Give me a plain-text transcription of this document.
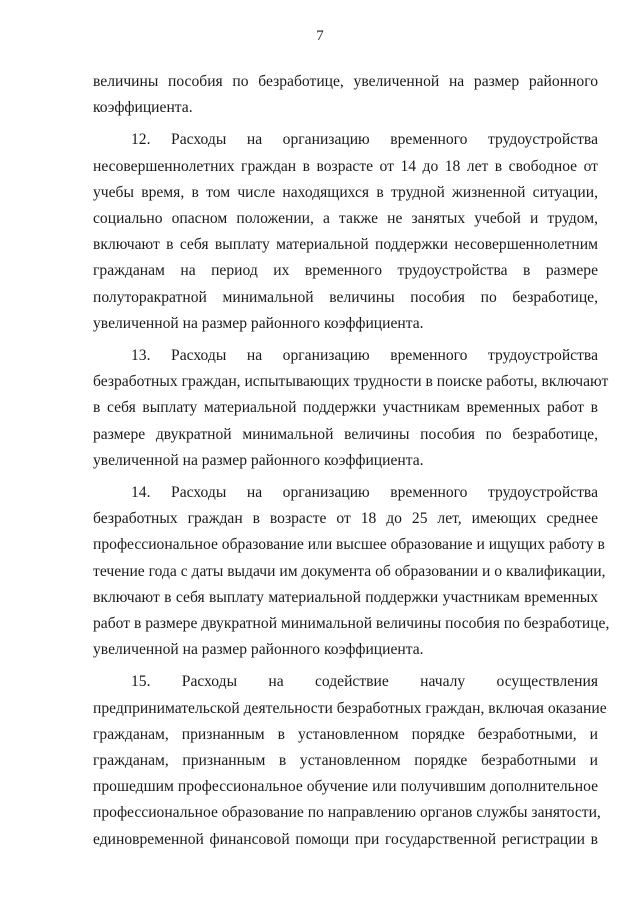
7
величины пособия по безработице, увеличенной на размер районного
коэффициента.
12. Расходы на организацию временного трудоустройства
несовершеннолетних граждан в возрасте от 14 до 18 лет в свободное от
учебы время, в том числе находящихся в трудной жизненной ситуации,
социально опасном положении, а также не занятых учебой и трудом,
включают в себя выплату материальной поддержки несовершеннолетним
гражданам на период их временного трудоустройства в размере
полуторакратной минимальной величины пособия по безработице,
увеличенной на размер районного коэффициента.
13. Расходы на организацию временного трудоустройства
безработных граждан, испытывающих трудности в поиске работы, включают
в себя выплату материальной поддержки участникам временных работ в
размере двукратной минимальной величины пособия по безработице,
увеличенной на размер районного коэффициента.
14. Расходы на организацию временного трудоустройства
безработных граждан в возрасте от 18 до 25 лет, имеющих среднее
профессиональное образование или высшее образование и ищущих работу в
течение года с даты выдачи им документа об образовании и о квалификации,
включают в себя выплату материальной поддержки участникам временных
работ в размере двукратной минимальной величины пособия по безработице,
увеличенной на размер районного коэффициента.
15. Расходы на содействие началу осуществления
предпринимательской деятельности безработных граждан, включая оказание
гражданам, признанным в установленном порядке безработными, и
гражданам, признанным в установленном порядке безработными и
прошедшим профессиональное обучение или получившим дополнительное
профессиональное образование по направлению органов службы занятости,
единовременной финансовой помощи при государственной регистрации в
